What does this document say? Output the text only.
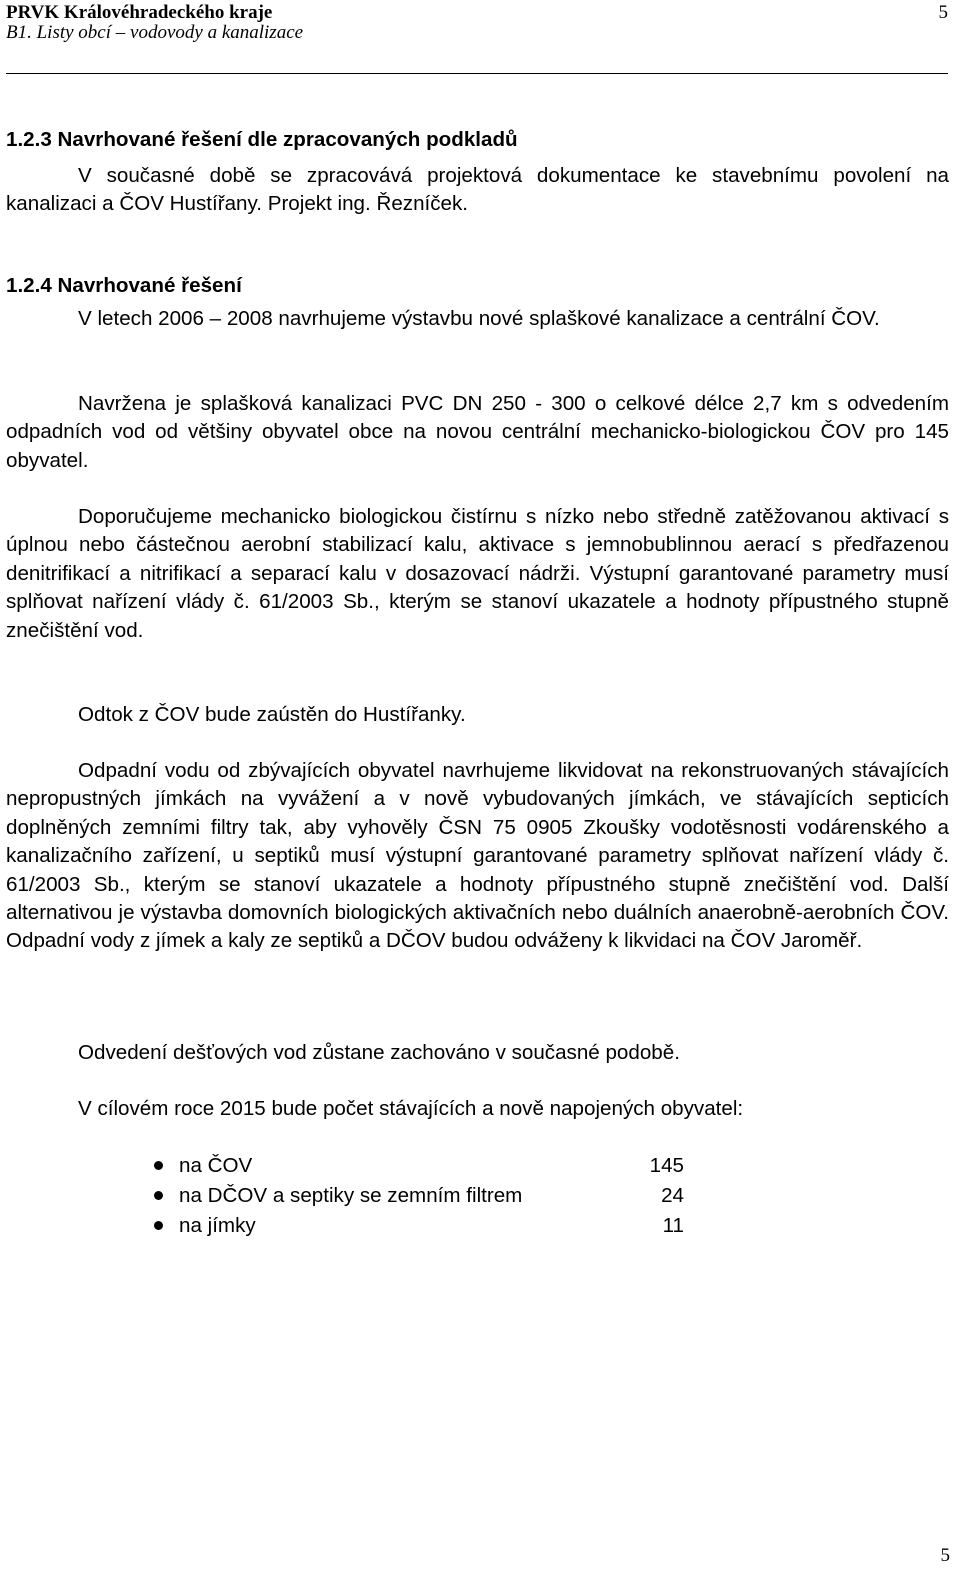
PRVK Královéhradeckého kraje
B1. Listy obcí – vodovody a kanalizace
5
1.2.3 Navrhované řešení dle zpracovaných podkladů

V současné době se zpracovává projektová dokumentace ke stavebnímu povolení na kanalizaci a ČOV Hustířany. Projekt ing. Řezníček.

1.2.4 Navrhované řešení

V letech 2006 – 2008 navrhujeme výstavbu nové splaškové kanalizace a centrální ČOV.

Navržena je splašková kanalizaci PVC DN 250 - 300 o celkové délce 2,7 km s odvedením odpadních vod od většiny obyvatel obce na novou centrální mechanicko-biologickou ČOV pro 145 obyvatel.

Doporučujeme mechanicko biologickou čistírnu s nízko nebo středně zatěžovanou aktivací s úplnou nebo částečnou aerobní stabilizací kalu, aktivace s jemnobublinnou aerací s předřazenou denitrifikací a nitrifikací a separací kalu v dosazovací nádrži. Výstupní garantované parametry musí splňovat nařízení vlády č. 61/2003 Sb., kterým se stanoví ukazatele a hodnoty přípustného stupně znečištění vod.

Odtok z ČOV bude zaústěn do Hustířanky.

Odpadní vodu od zbývajících obyvatel navrhujeme likvidovat na rekonstruovaných stávajících nepropustných jímkách na vyvážení a v nově vybudovaných jímkách, ve stávajících septicích doplněných zemními filtry tak, aby vyhověly ČSN 75 0905 Zkoušky vodotěsnosti vodárenského a kanalizačního zařízení, u septiků musí výstupní garantované parametry splňovat nařízení vlády č. 61/2003 Sb., kterým se stanoví ukazatele a hodnoty přípustného stupně znečištění vod. Další alternativou je výstavba domovních biologických aktivačních nebo duálních anaerobně-aerobních ČOV. Odpadní vody z jímek a kaly ze septiků a DČOV budou odváženy k likvidaci na ČOV Jaroměř.

Odvedení dešťových vod zůstane zachováno v současné podobě.
V cílovém roce 2015 bude počet stávajících a nově napojených obyvatel:
na ČOV	145
na DČOV a septiky se zemním filtrem	24
na jímky	11
5
